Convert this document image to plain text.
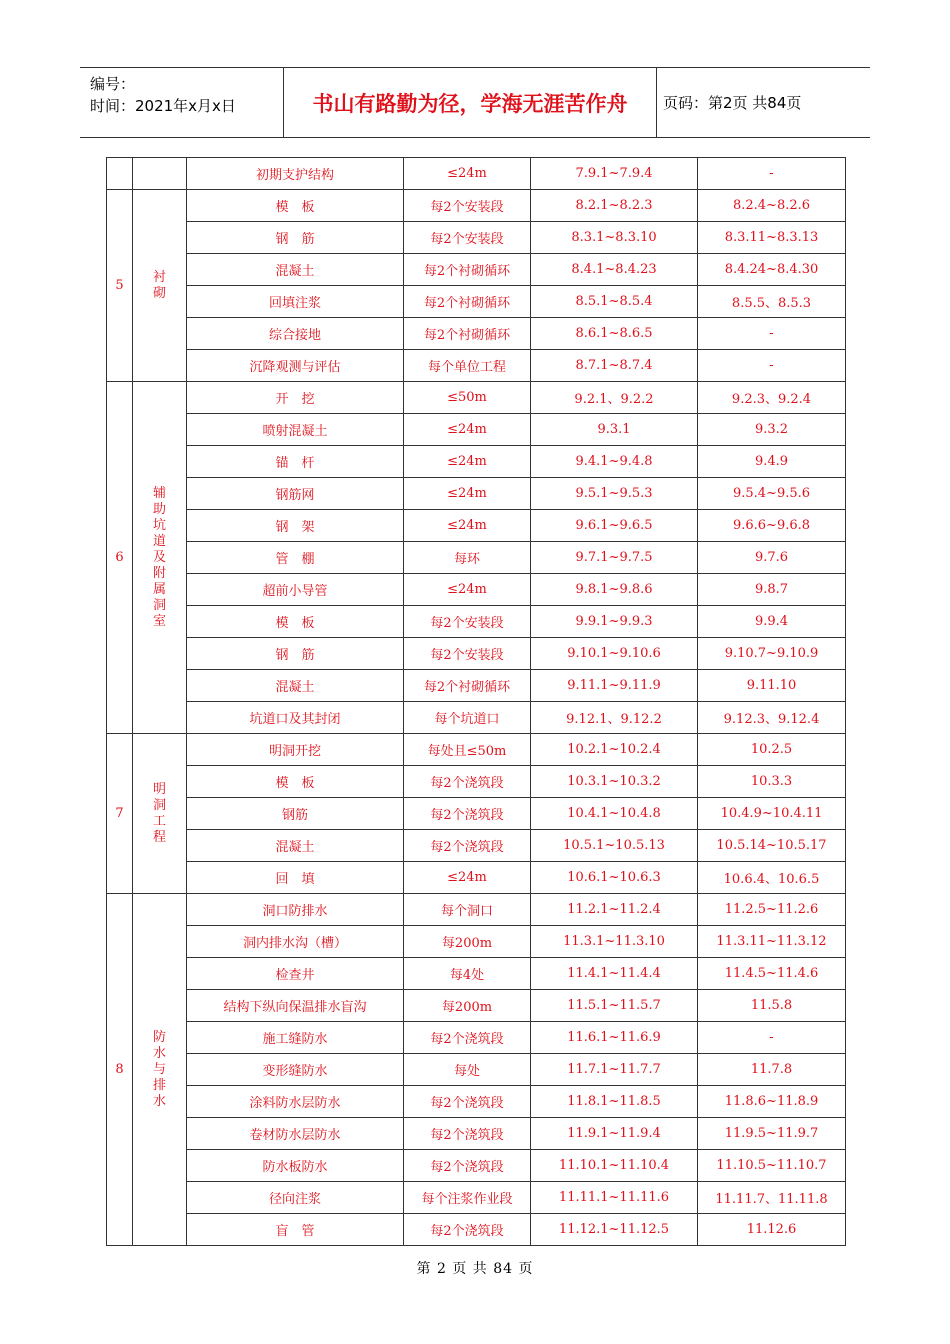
编号：
时间：2021年x月x日	书山有路勤为径，学海无涯苦作舟	页码：第2页 共84页
		初期支护结构	≤24m	7.9.1~7.9.4	-
5	衬砌	模　板	每2个安装段	8.2.1~8.2.3	8.2.4~8.2.6
		钢　筋	每2个安装段	8.3.1~8.3.10	8.3.11~8.3.13
		混凝土	每2个衬砌循环	8.4.1~8.4.23	8.4.24~8.4.30
		回填注浆	每2个衬砌循环	8.5.1~8.5.4	8.5.5、8.5.3
		综合接地	每2个衬砌循环	8.6.1~8.6.5	-
		沉降观测与评估	每个单位工程	8.7.1~8.7.4	-
6	辅助坑道及附属洞室	开　挖	≤50m	9.2.1、9.2.2	9.2.3、9.2.4
		喷射混凝土	≤24m	9.3.1	9.3.2
		锚　杆	≤24m	9.4.1~9.4.8	9.4.9
		钢筋网	≤24m	9.5.1~9.5.3	9.5.4~9.5.6
		钢　架	≤24m	9.6.1~9.6.5	9.6.6~9.6.8
		管　棚	每环	9.7.1~9.7.5	9.7.6
		超前小导管	≤24m	9.8.1~9.8.6	9.8.7
		模　板	每2个安装段	9.9.1~9.9.3	9.9.4
		钢　筋	每2个安装段	9.10.1~9.10.6	9.10.7~9.10.9
		混凝土	每2个衬砌循环	9.11.1~9.11.9	9.11.10
		坑道口及其封闭	每个坑道口	9.12.1、9.12.2	9.12.3、9.12.4
7	明洞工程	明洞开挖	每处且≤50m	10.2.1~10.2.4	10.2.5
		模　板	每2个浇筑段	10.3.1~10.3.2	10.3.3
		钢筋	每2个浇筑段	10.4.1~10.4.8	10.4.9~10.4.11
		混凝土	每2个浇筑段	10.5.1~10.5.13	10.5.14~10.5.17
		回　填	≤24m	10.6.1~10.6.3	10.6.4、10.6.5
8	防水与排水	洞口防排水	每个洞口	11.2.1~11.2.4	11.2.5~11.2.6
		洞内排水沟（槽）	每200m	11.3.1~11.3.10	11.3.11~11.3.12
		检查井	每4处	11.4.1~11.4.4	11.4.5~11.4.6
		结构下纵向保温排水盲沟	每200m	11.5.1~11.5.7	11.5.8
		施工缝防水	每2个浇筑段	11.6.1~11.6.9	-
		变形缝防水	每处	11.7.1~11.7.7	11.7.8
		涂料防水层防水	每2个浇筑段	11.8.1~11.8.5	11.8.6~11.8.9
		卷材防水层防水	每2个浇筑段	11.9.1~11.9.4	11.9.5~11.9.7
		防水板防水	每2个浇筑段	11.10.1~11.10.4	11.10.5~11.10.7
		径向注浆	每个注浆作业段	11.11.1~11.11.6	11.11.7、11.11.8
		盲　管	每2个浇筑段	11.12.1~11.12.5	11.12.6
第 2 页 共 84 页
